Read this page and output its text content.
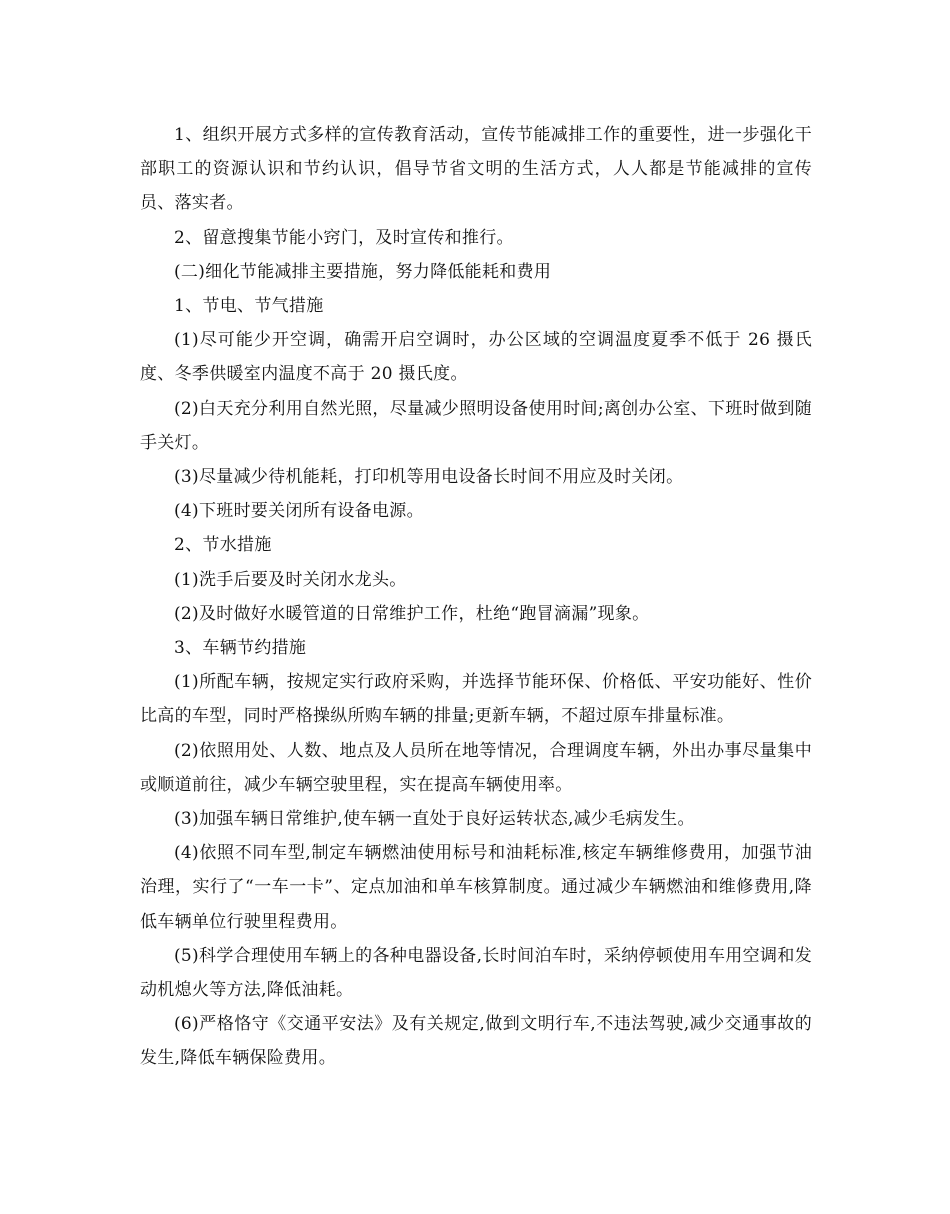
1、组织开展方式多样的宣传教育活动，宣传节能减排工作的重要性，进一步强化干部职工的资源认识和节约认识，倡导节省文明的生活方式，人人都是节能减排的宣传员、落实者。

2、留意搜集节能小窍门，及时宣传和推行。

(二)细化节能减排主要措施，努力降低能耗和费用

1、节电、节气措施

(1)尽可能少开空调，确需开启空调时，办公区域的空调温度夏季不低于 26 摄氏度、冬季供暖室内温度不高于 20 摄氏度。

(2)白天充分利用自然光照，尽量减少照明设备使用时间;离创办公室、下班时做到随手关灯。

(3)尽量减少待机能耗，打印机等用电设备长时间不用应及时关闭。

(4)下班时要关闭所有设备电源。

2、节水措施

(1)洗手后要及时关闭水龙头。

(2)及时做好水暖管道的日常维护工作，杜绝“跑冒滴漏”现象。

3、车辆节约措施

(1)所配车辆，按规定实行政府采购，并选择节能环保、价格低、平安功能好、性价比高的车型，同时严格操纵所购车辆的排量;更新车辆，不超过原车排量标准。

(2)依照用处、人数、地点及人员所在地等情况，合理调度车辆，外出办事尽量集中或顺道前往，减少车辆空驶里程，实在提高车辆使用率。

(3)加强车辆日常维护,使车辆一直处于良好运转状态,减少毛病发生。

(4)依照不同车型,制定车辆燃油使用标号和油耗标准,核定车辆维修费用，加强节油治理，实行了“一车一卡”、定点加油和单车核算制度。通过减少车辆燃油和维修费用,降低车辆单位行驶里程费用。

(5)科学合理使用车辆上的各种电器设备,长时间泊车时，采纳停顿使用车用空调和发动机熄火等方法,降低油耗。

(6)严格恪守《交通平安法》及有关规定,做到文明行车,不违法驾驶,减少交通事故的发生,降低车辆保险费用。
